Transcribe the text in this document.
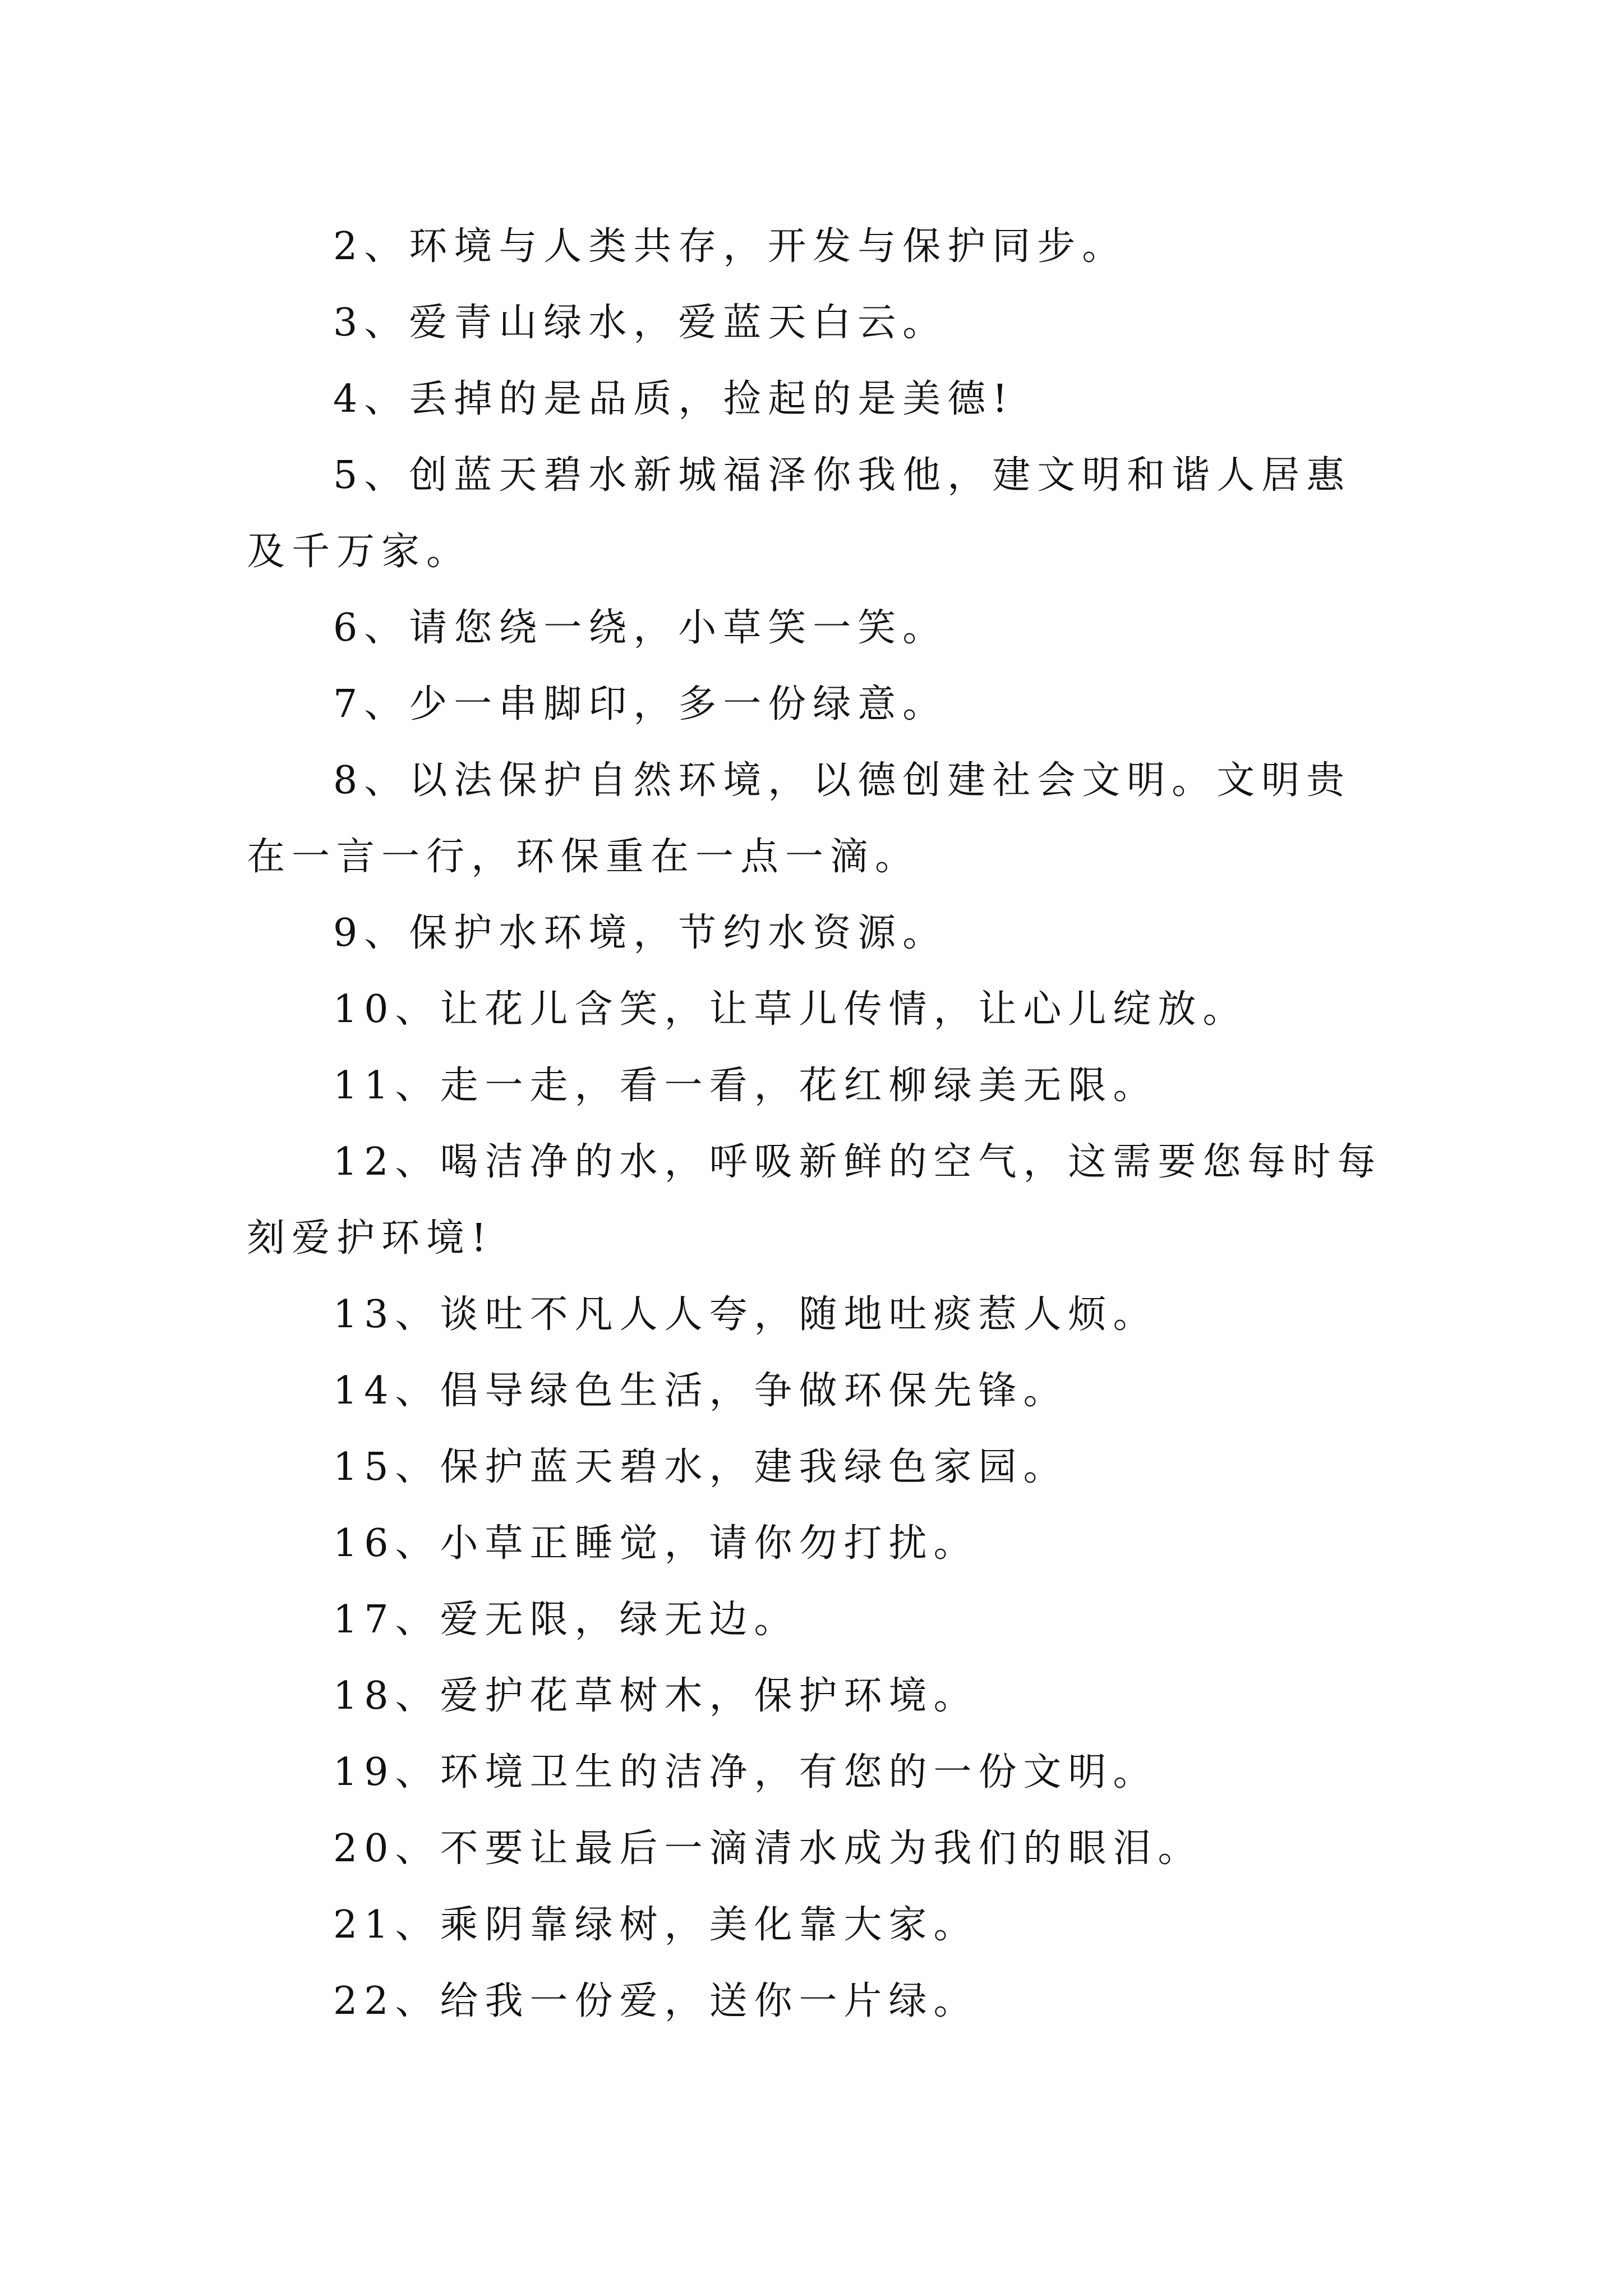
2、环境与人类共存，开发与保护同步。

3、爱青山绿水，爱蓝天白云。

4、丢掉的是品质，捡起的是美德!

5、创蓝天碧水新城福泽你我他，建文明和谐人居惠及千万家。

6、请您绕一绕，小草笑一笑。

7、少一串脚印，多一份绿意。

8、以法保护自然环境，以德创建社会文明。文明贵在一言一行，环保重在一点一滴。

9、保护水环境，节约水资源。

10、让花儿含笑，让草儿传情，让心儿绽放。

11、走一走，看一看，花红柳绿美无限。

12、喝洁净的水，呼吸新鲜的空气，这需要您每时每刻爱护环境!

13、谈吐不凡人人夸，随地吐痰惹人烦。

14、倡导绿色生活，争做环保先锋。

15、保护蓝天碧水，建我绿色家园。

16、小草正睡觉，请你勿打扰。

17、爱无限，绿无边。

18、爱护花草树木，保护环境。

19、环境卫生的洁净，有您的一份文明。

20、不要让最后一滴清水成为我们的眼泪。

21、乘阴靠绿树，美化靠大家。

22、给我一份爱，送你一片绿。
